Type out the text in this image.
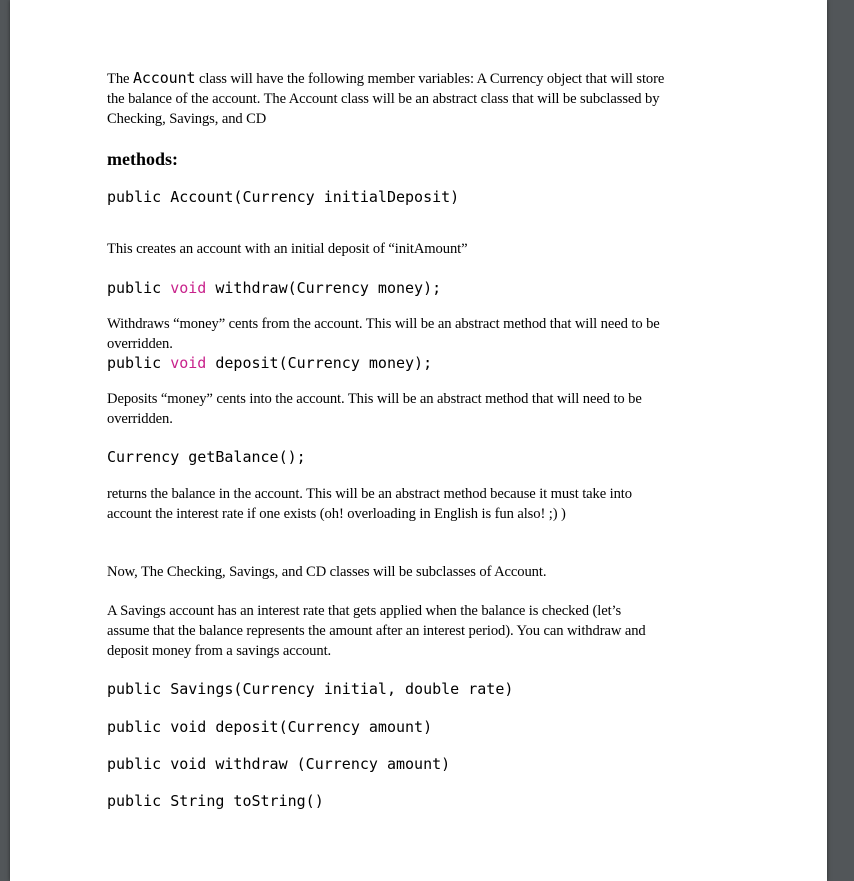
The Account class will have the following member variables: A Currency object that will store
the balance of the account. The Account class will be an abstract class that will be subclassed by
Checking, Savings, and CD
methods:
public Account(Currency initialDeposit)
This creates an account with an initial deposit of “initAmount”
public void withdraw(Currency money);
Withdraws “money” cents from the account. This will be an abstract method that will need to be
overridden.
public void deposit(Currency money);
Deposits “money” cents into the account. This will be an abstract method that will need to be
overridden.
Currency getBalance();
returns the balance in the account. This will be an abstract method because it must take into
account the interest rate if one exists (oh! overloading in English is fun also! ;) )
Now, The Checking, Savings, and CD classes will be subclasses of Account.
A Savings account has an interest rate that gets applied when the balance is checked (let’s
assume that the balance represents the amount after an interest period). You can withdraw and
deposit money from a savings account.
public Savings(Currency initial, double rate)
public void deposit(Currency amount)
public void withdraw (Currency amount)
public String toString()
